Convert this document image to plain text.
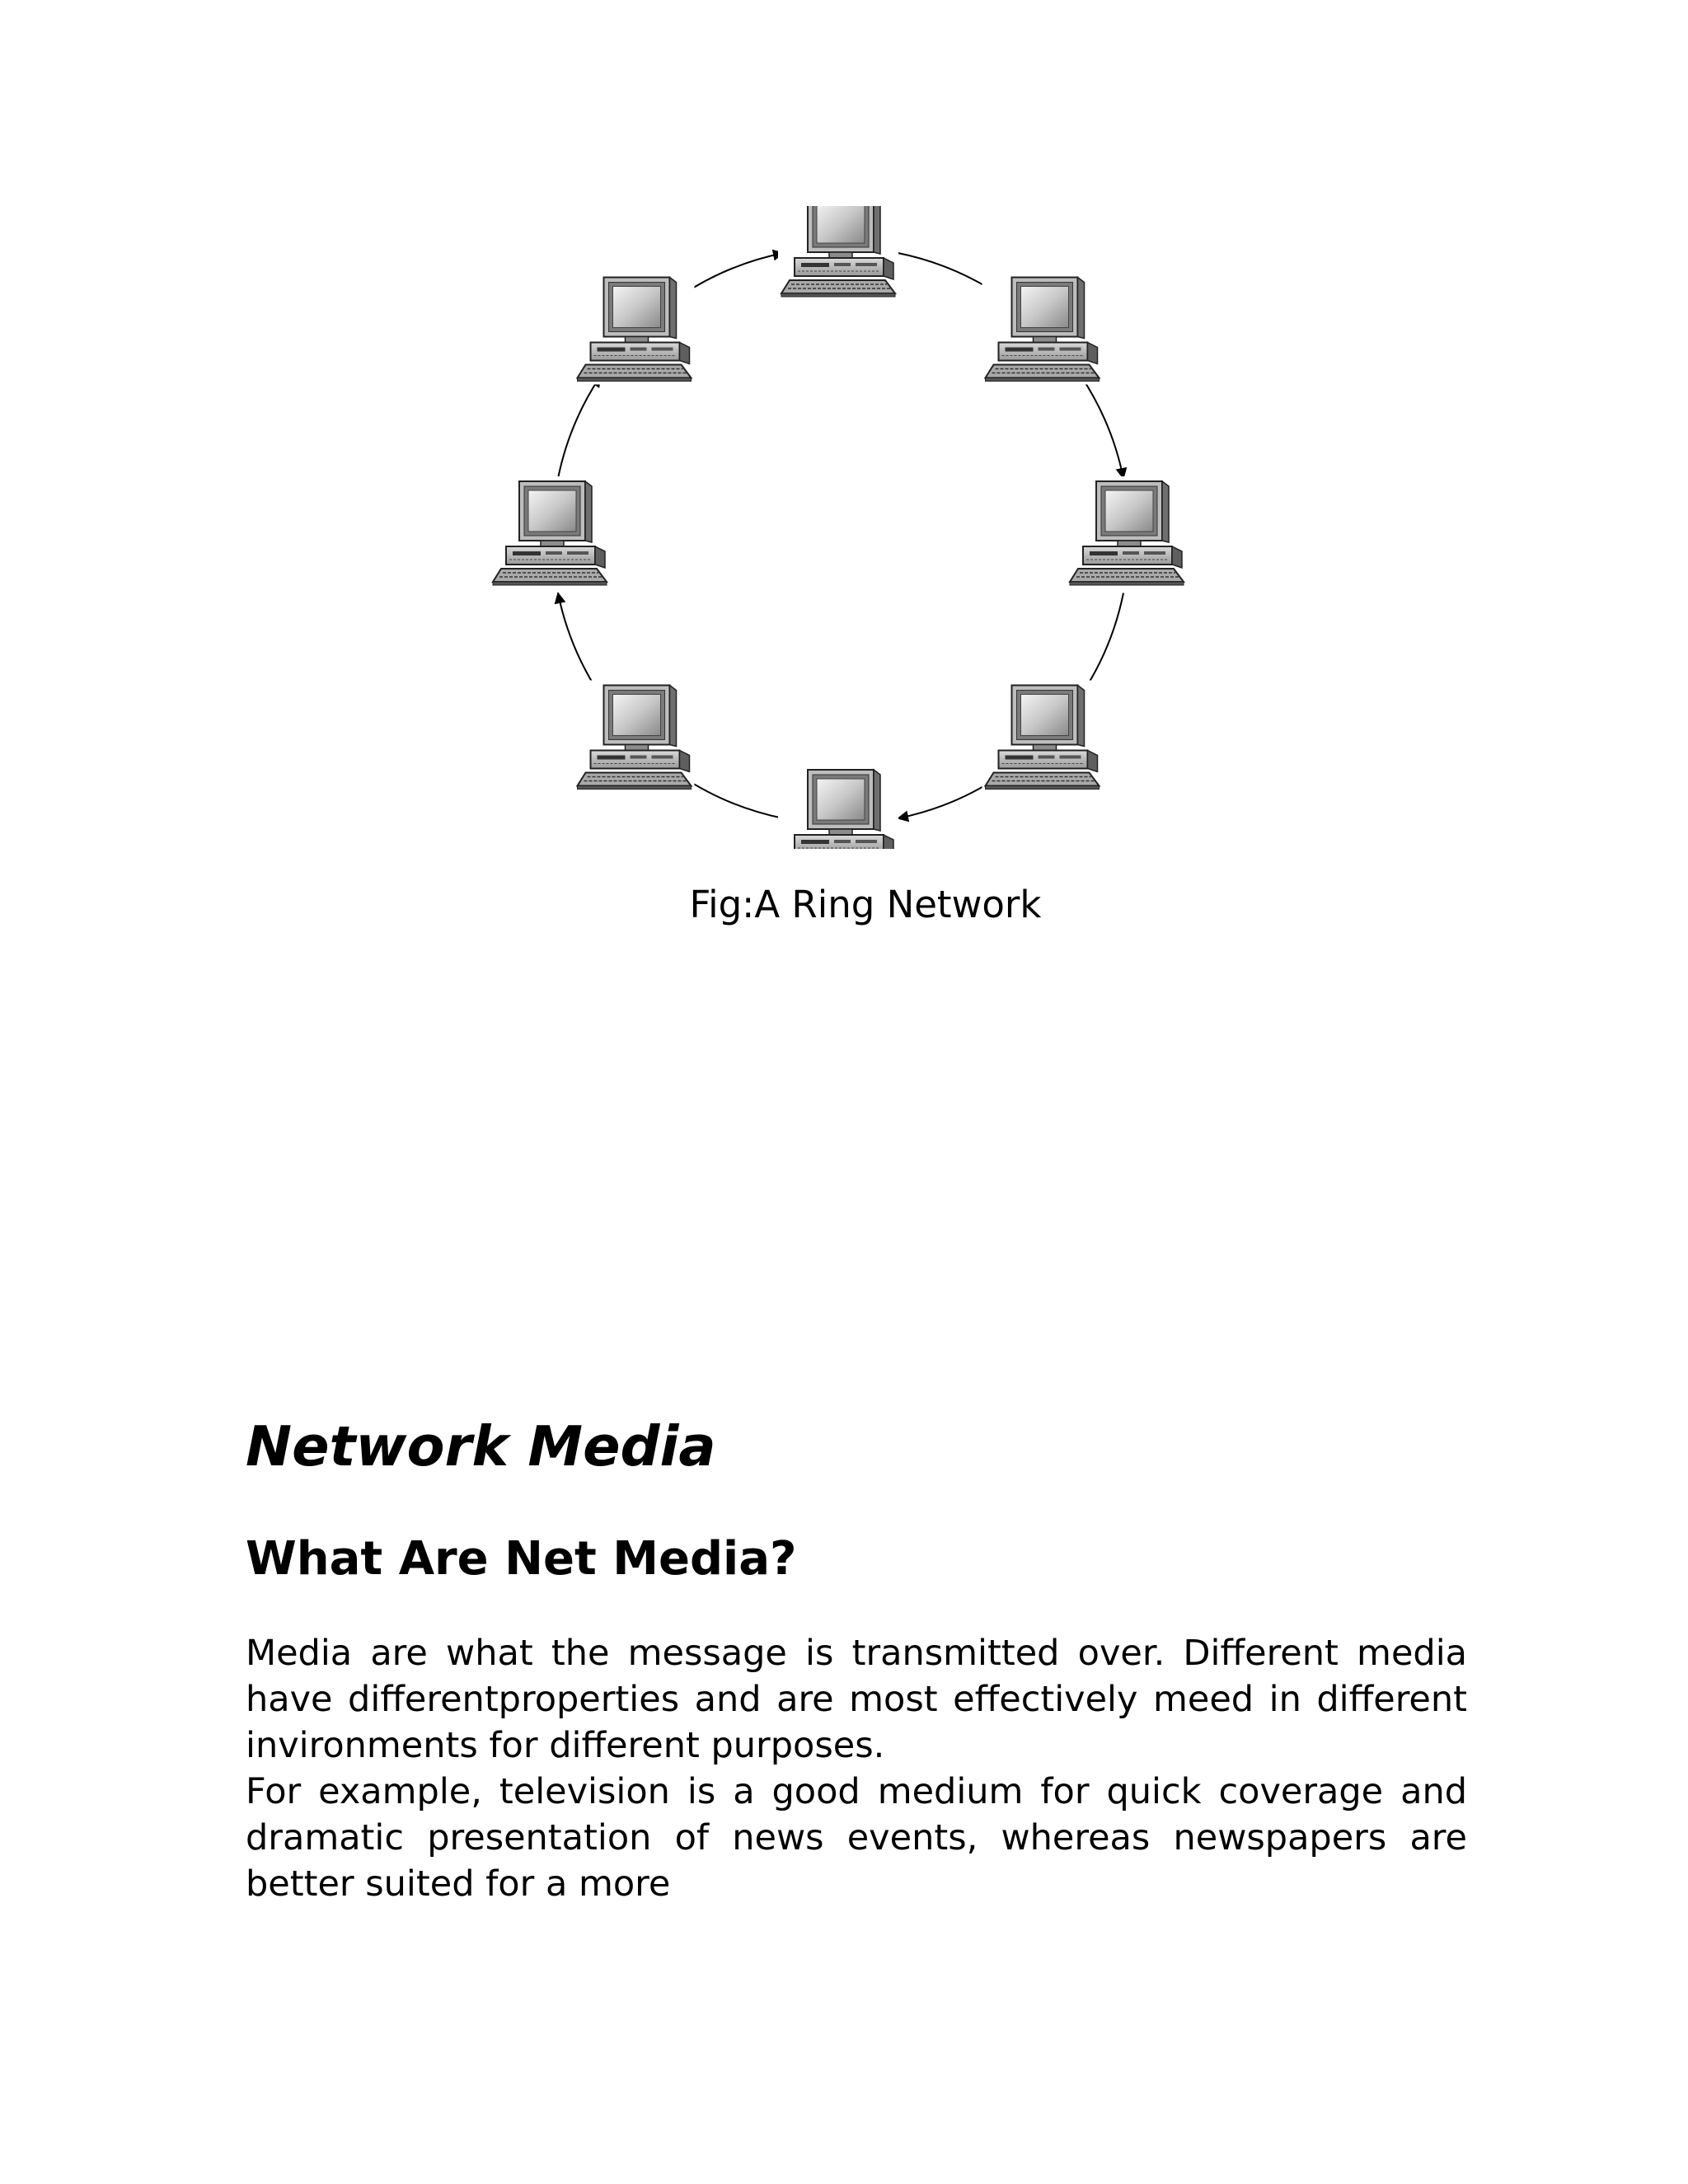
Fig:A Ring Network
Network Media
What Are Net Media?

Media are what the message is transmitted over. Different media have differentproperties and are most effectively meed in different invironments for different purposes.

For example, television is a good medium for quick coverage and dramatic presentation of news events, whereas newspapers are better suited for a more
